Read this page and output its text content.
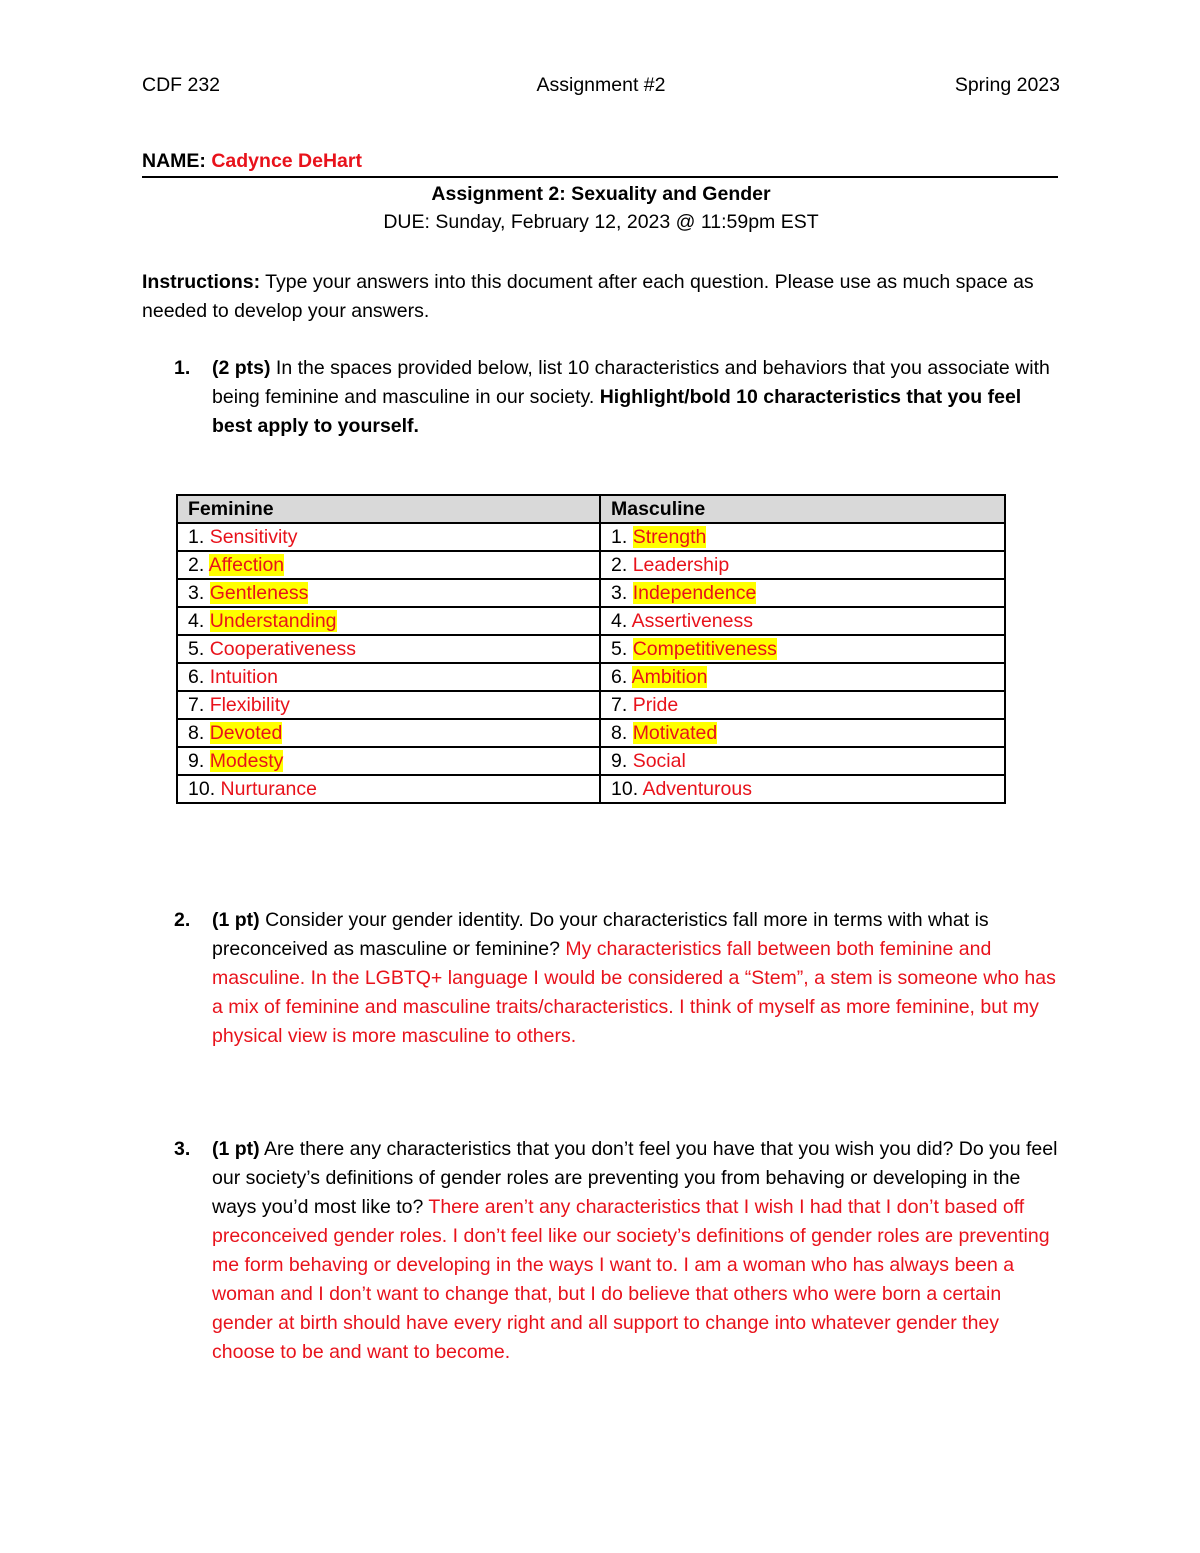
CDF 232	Assignment #2	Spring 2023
NAME: Cadynce DeHart
Assignment 2: Sexuality and Gender
DUE: Sunday, February 12, 2023 @ 11:59pm EST
Instructions: Type your answers into this document after each question. Please use as much space as needed to develop your answers.
1. (2 pts) In the spaces provided below, list 10 characteristics and behaviors that you associate with being feminine and masculine in our society. Highlight/bold 10 characteristics that you feel best apply to yourself.
Feminine	Masculine
1. Sensitivity	1. Strength
2. Affection	2. Leadership
3. Gentleness	3. Independence
4. Understanding	4. Assertiveness
5. Cooperativeness	5. Competitiveness
6. Intuition	6. Ambition
7. Flexibility	7. Pride
8. Devoted	8. Motivated
9. Modesty	9. Social
10. Nurturance	10. Adventurous
2. (1 pt) Consider your gender identity. Do your characteristics fall more in terms with what is preconceived as masculine or feminine? My characteristics fall between both feminine and masculine. In the LGBTQ+ language I would be considered a “Stem”, a stem is someone who has a mix of feminine and masculine traits/characteristics. I think of myself as more feminine, but my physical view is more masculine to others.
3. (1 pt) Are there any characteristics that you don’t feel you have that you wish you did? Do you feel our society’s definitions of gender roles are preventing you from behaving or developing in the ways you’d most like to? There aren’t any characteristics that I wish I had that I don’t based off preconceived gender roles. I don’t feel like our society’s definitions of gender roles are preventing me form behaving or developing in the ways I want to. I am a woman who has always been a woman and I don’t want to change that, but I do believe that others who were born a certain gender at birth should have every right and all support to change into whatever gender they choose to be and want to become.
